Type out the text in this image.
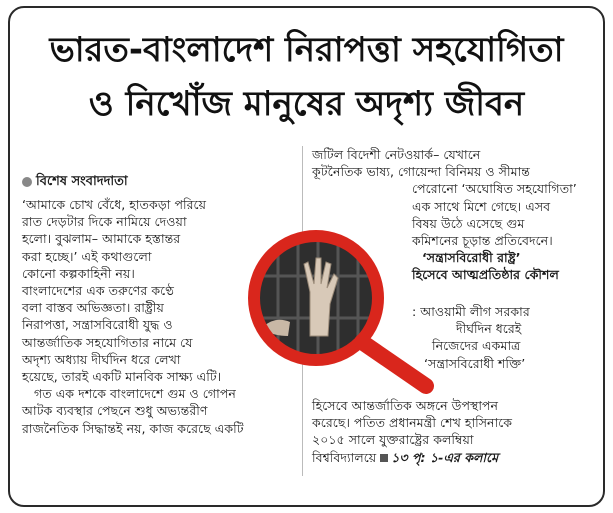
ভারত-বাংলাদেশ নিরাপত্তা সহযোগিতা
ও নিখোঁজ মানুষের অদৃশ্য জীবন
বিশেষ সংবাদদাতা

‘আমাকে চোখ বেঁধে, হাতকড়া পরিয়ে

রাত দেড়টার দিকে নামিয়ে দেওয়া

হলো। বুঝলাম– আমাকে হস্তান্তর

করা হচ্ছে।’ এই কথাগুলো

কোনো কল্পকাহিনী নয়।

বাংলাদেশের এক তরুণের কণ্ঠে

বলা বাস্তব অভিজ্ঞতা। রাষ্ট্রীয়

নিরাপত্তা, সন্ত্রাসবিরোধী যুদ্ধ ও

আন্তর্জাতিক সহযোগিতার নামে যে

অদৃশ্য অধ্যায় দীর্ঘদিন ধরে লেখা

হয়েছে, তারই একটি মানবিক সাক্ষ্য এটি।

গত এক দশকে বাংলাদেশে গুম ও গোপন

আটক ব্যবস্থার পেছনে শুধু অভ্যন্তরীণ

রাজনৈতিক সিদ্ধান্তই নয়, কাজ করেছে একটি

জটিল বিদেশী নেটওয়ার্ক– যেখানে

কূটনৈতিক ভাষ্য, গোয়েন্দা বিনিময় ও সীমান্ত

পেরোনো ‘অঘোষিত সহযোগিতা’

এক সাথে মিশে গেছে। এসব

বিষয় উঠে এসেছে গুম

কমিশনের চূড়ান্ত প্রতিবেদনে।

‘সন্ত্রাসবিরোধী রাষ্ট্র’

হিসেবে আত্মপ্রতিষ্ঠার কৌশল

: আওয়ামী লীগ সরকার

দীর্ঘদিন ধরেই

নিজেদের একমাত্র

‘সন্ত্রাসবিরোধী শক্তি’

হিসেবে আন্তর্জাতিক অঙ্গনে উপস্থাপন

করেছে। পতিত প্রধানমন্ত্রী শেখ হাসিনাকে

২০১৫ সালে যুক্তরাষ্ট্রের কলম্বিয়া

বিশ্ববিদ্যালয়ে ১৩ পৃ: ১-এর কলামে
